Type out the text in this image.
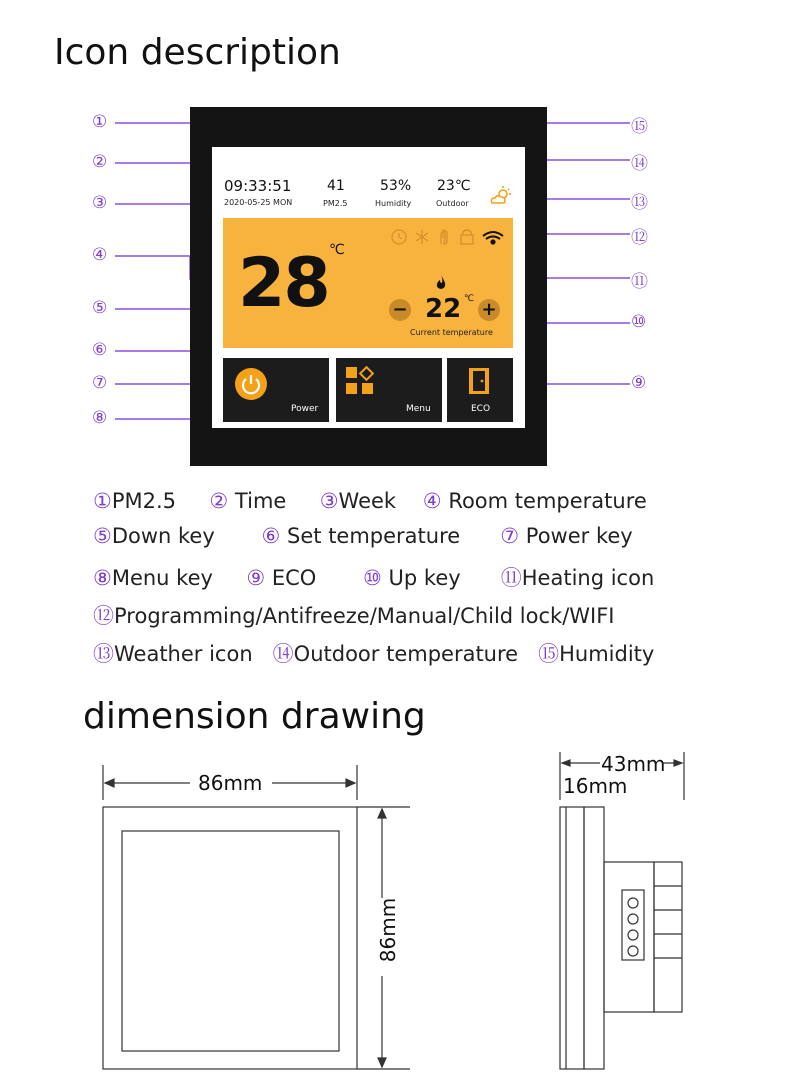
Icon description
dimension drawing
①
②
③
④
⑤
⑥
⑦
⑧
⑮
⑭
⑬
⑫
⑪
⑩
⑨
09:33:51
2020-05-25 MON
41
PM2.5
53%
Humidity
23℃
Outdoor
28 ℃
− 22 ℃ +
Current temperature
Power	Menu	ECO
①PM2.5 ② Time ③Week ④ Room temperature
⑤Down key ⑥ Set temperature ⑦ Power key
⑧Menu key ⑨ ECO ⑩ Up key ⑪Heating icon
⑫Programming/Antifreeze/Manual/Child lock/WIFI
⑬Weather icon ⑭Outdoor temperature ⑮Humidity
86mm
86mm
43mm
16mm
